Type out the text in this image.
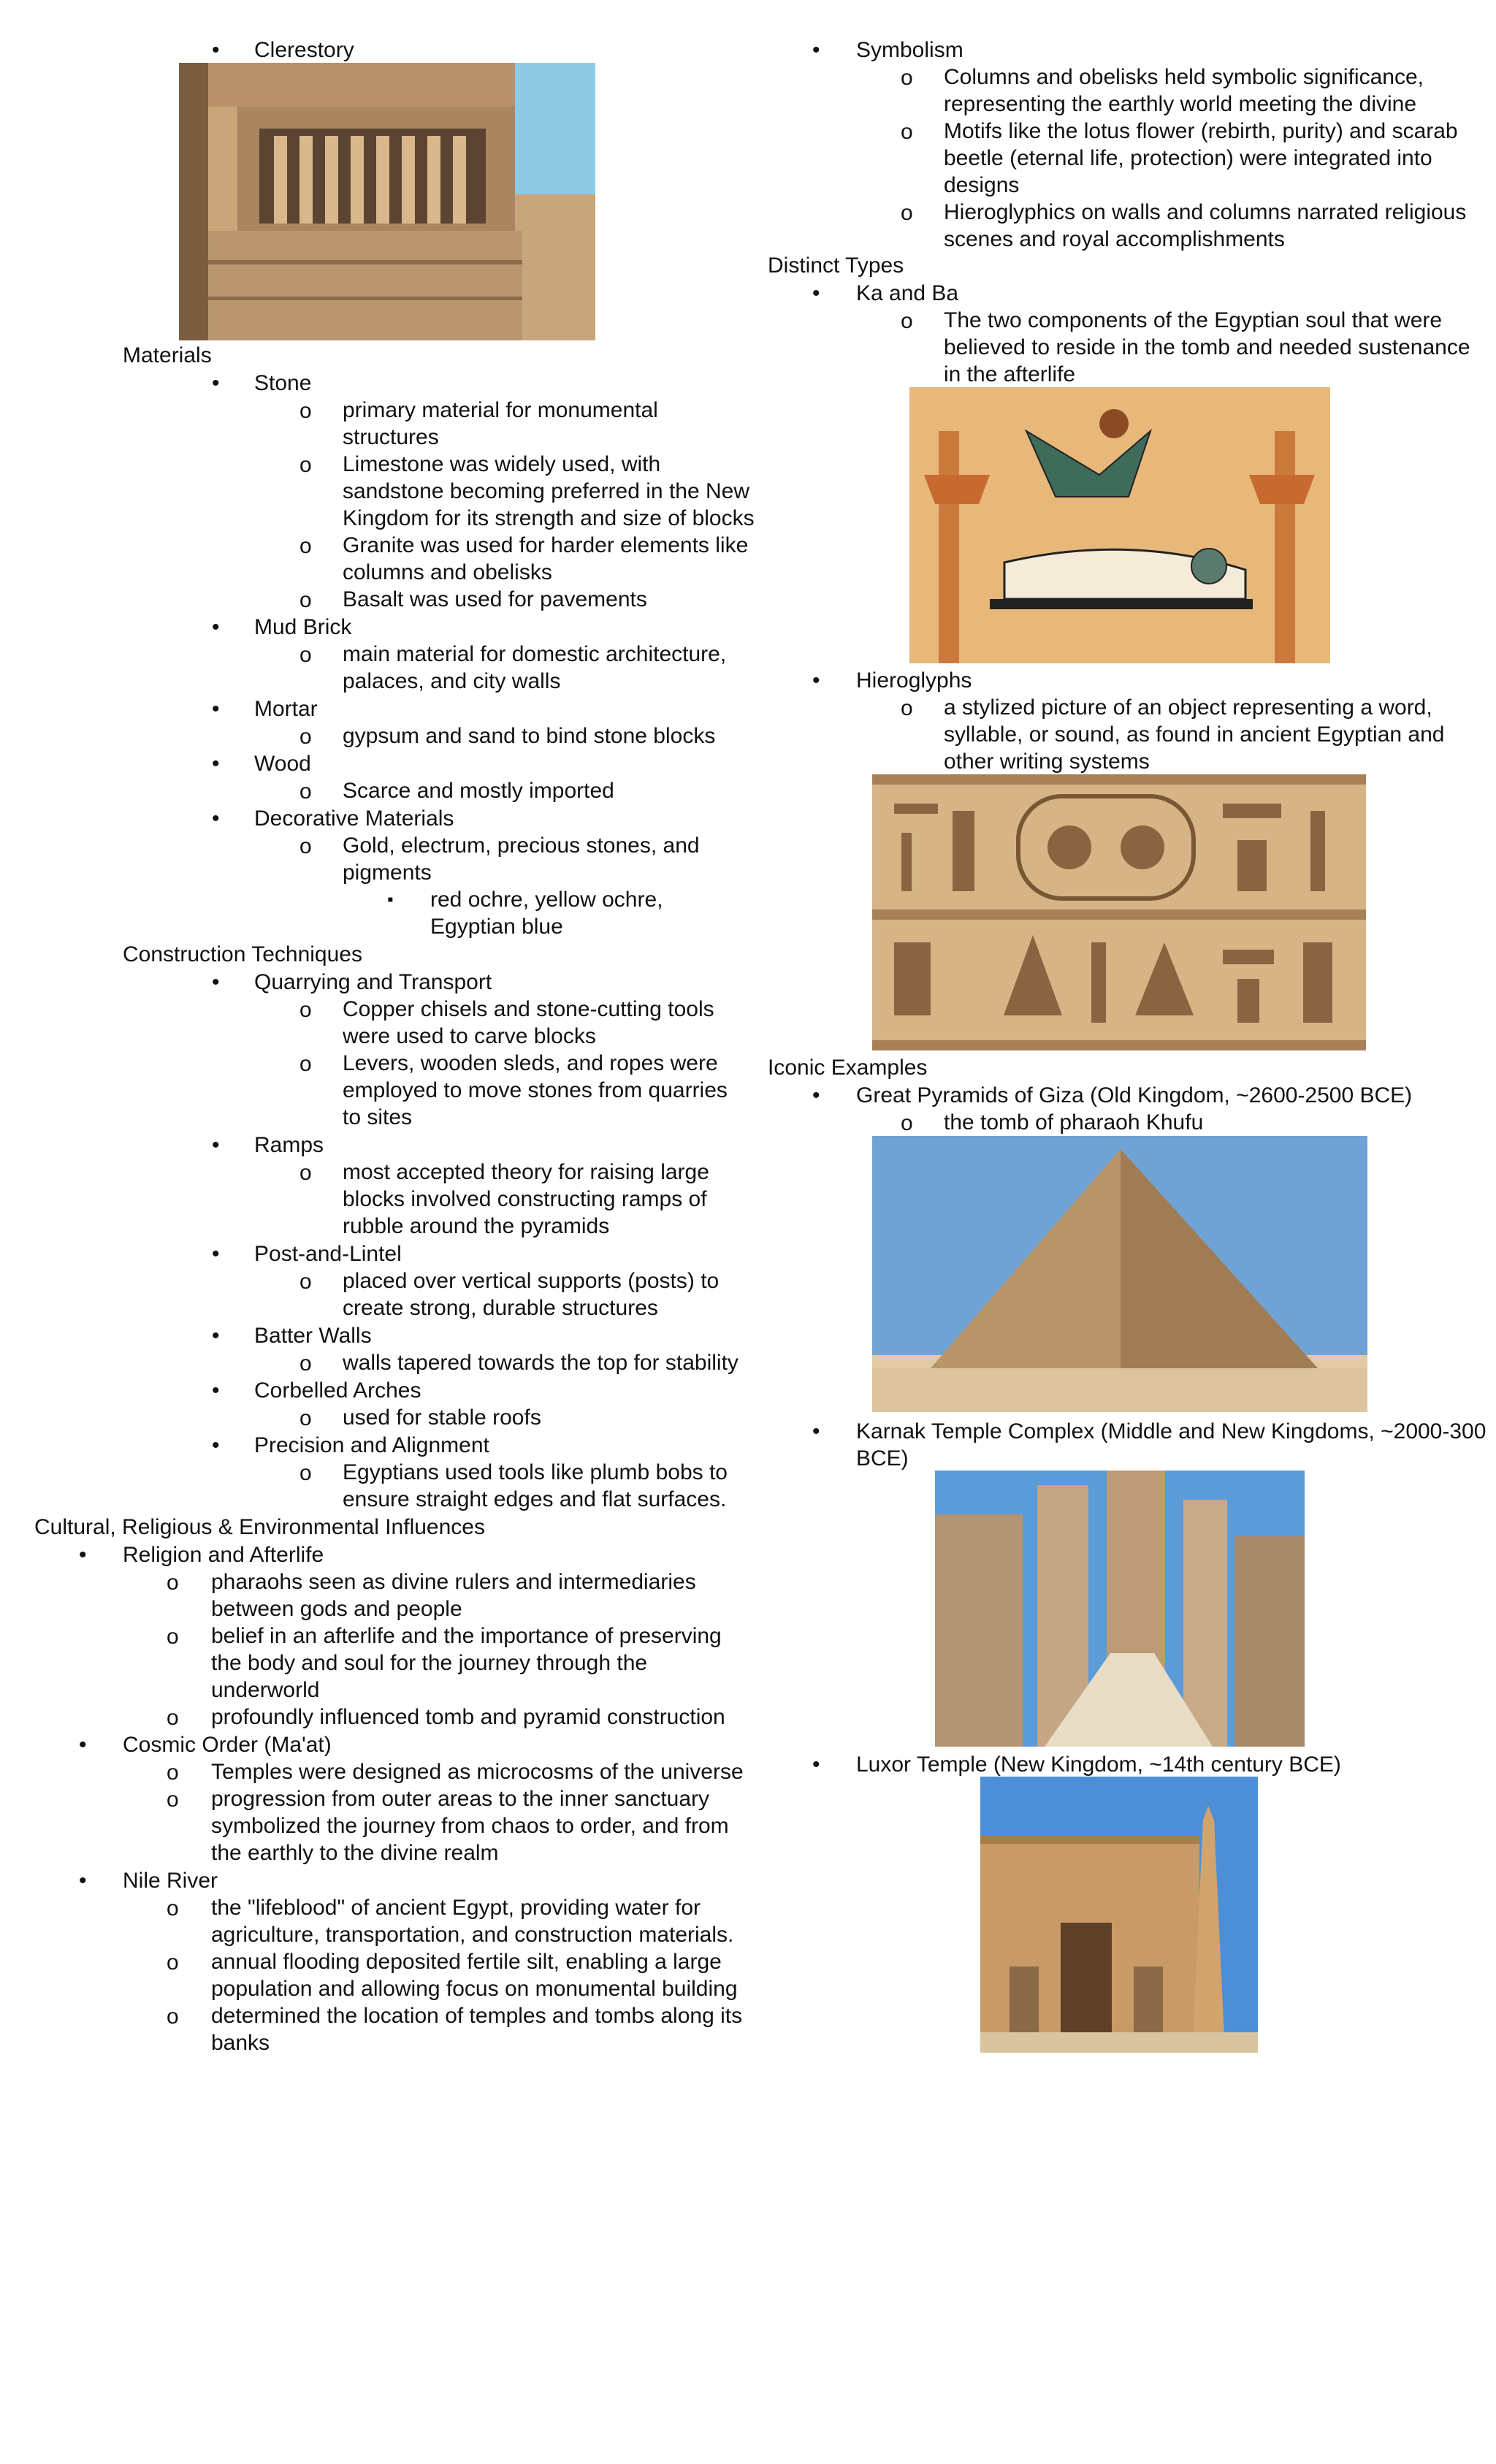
• Clerestory
Materials
• Stone
o primary material for monumental
structures
o Limestone was widely used, with
sandstone becoming preferred in the New
Kingdom for its strength and size of blocks
o Granite was used for harder elements like
columns and obelisks
o Basalt was used for pavements
• Mud Brick
o main material for domestic architecture,
palaces, and city walls
• Mortar
o gypsum and sand to bind stone blocks
• Wood
o Scarce and mostly imported
• Decorative Materials
o Gold, electrum, precious stones, and
pigments
▪ red ochre, yellow ochre,
Egyptian blue
Construction Techniques
• Quarrying and Transport
o Copper chisels and stone-cutting tools
were used to carve blocks
o Levers, wooden sleds, and ropes were
employed to move stones from quarries
to sites
• Ramps
o most accepted theory for raising large
blocks involved constructing ramps of
rubble around the pyramids
• Post-and-Lintel
o placed over vertical supports (posts) to
create strong, durable structures
• Batter Walls
o walls tapered towards the top for stability
• Corbelled Arches
o used for stable roofs
• Precision and Alignment
o Egyptians used tools like plumb bobs to
ensure straight edges and flat surfaces.
Cultural, Religious & Environmental Influences
• Religion and Afterlife
o pharaohs seen as divine rulers and intermediaries
between gods and people
o belief in an afterlife and the importance of preserving
the body and soul for the journey through the
underworld
o profoundly influenced tomb and pyramid construction
• Cosmic Order (Ma'at)
o Temples were designed as microcosms of the universe
o progression from outer areas to the inner sanctuary
symbolized the journey from chaos to order, and from
the earthly to the divine realm
• Nile River
o the "lifeblood" of ancient Egypt, providing water for
agriculture, transportation, and construction materials.
o annual flooding deposited fertile silt, enabling a large
population and allowing focus on monumental building
o determined the location of temples and tombs along its
banks
• Symbolism
o Columns and obelisks held symbolic significance,
representing the earthly world meeting the divine
o Motifs like the lotus flower (rebirth, purity) and scarab
beetle (eternal life, protection) were integrated into
designs
o Hieroglyphics on walls and columns narrated religious
scenes and royal accomplishments
Distinct Types
• Ka and Ba
o The two components of the Egyptian soul that were
believed to reside in the tomb and needed sustenance
in the afterlife
• Hieroglyphs
o a stylized picture of an object representing a word,
syllable, or sound, as found in ancient Egyptian and
other writing systems
Iconic Examples
• Great Pyramids of Giza (Old Kingdom, ~2600-2500 BCE)
o the tomb of pharaoh Khufu
• Karnak Temple Complex (Middle and New Kingdoms, ~2000-300
BCE)
• Luxor Temple (New Kingdom, ~14th century BCE)
